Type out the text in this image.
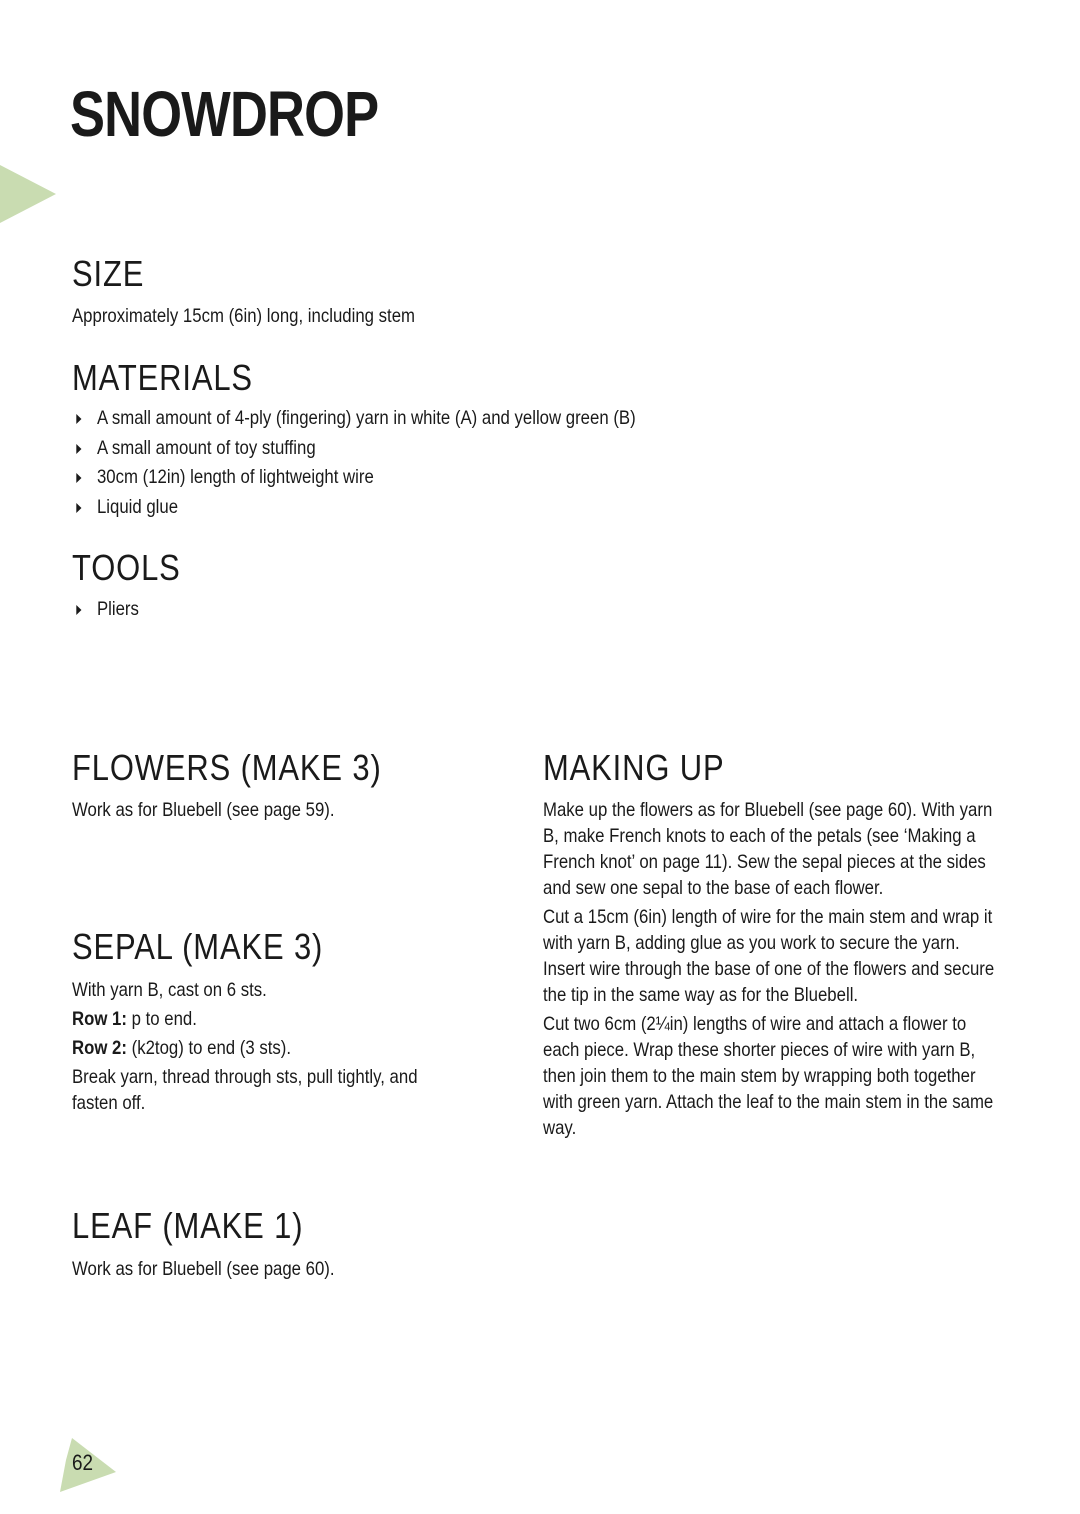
SNOWDROP
SIZE

Approximately 15cm (6in) long, including stem

MATERIALS
A small amount of 4-ply (fingering) yarn in white (A) and yellow green (B)
A small amount of toy stuffing
30cm (12in) length of lightweight wire
Liquid glue
TOOLS
Pliers
FLOWERS (MAKE 3)

Work as for Bluebell (see page 59).

SEPAL (MAKE 3)

With yarn B, cast on 6 sts.

Row 1: p to end.

Row 2: (k2tog) to end (3 sts).

Break yarn, thread through sts, pull tightly, and fasten off.

LEAF (MAKE 1)

Work as for Bluebell (see page 60).

MAKING UP

Make up the flowers as for Bluebell (see page 60). With yarn B, make French knots to each of the petals (see ‘Making a French knot’ on page 11). Sew the sepal pieces at the sides and sew one sepal to the base of each flower.

Cut a 15cm (6in) length of wire for the main stem and wrap it with yarn B, adding glue as you work to secure the yarn. Insert wire through the base of one of the flowers and secure the tip in the same way as for the Bluebell.

Cut two 6cm (2¼in) lengths of wire and attach a flower to each piece. Wrap these shorter pieces of wire with yarn B, then join them to the main stem by wrapping both together with green yarn. Attach the leaf to the main stem in the same way.

62
